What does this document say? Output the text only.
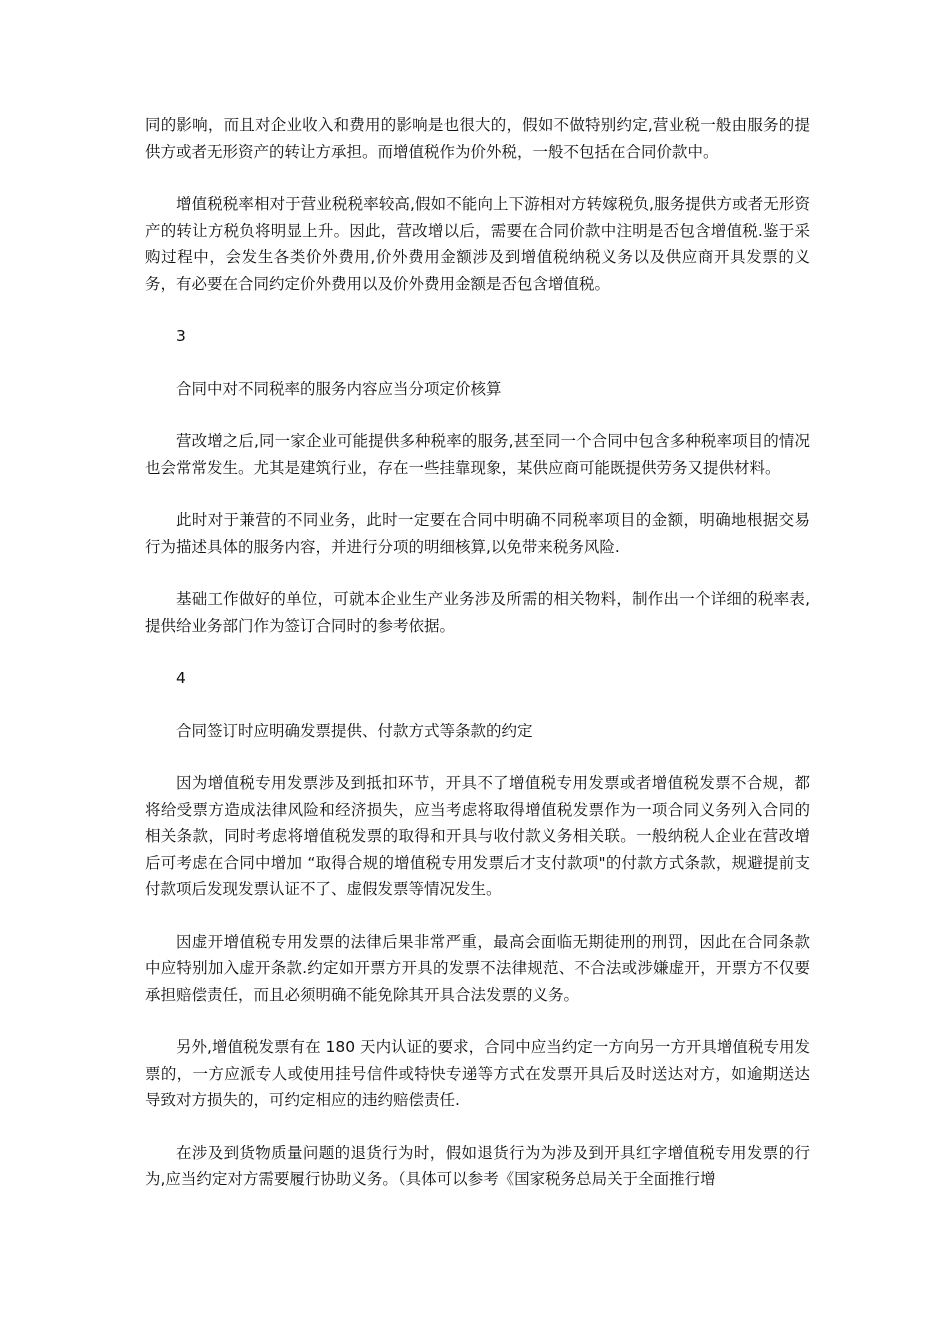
同的影响，而且对企业收入和费用的影响是也很大的，假如不做特别约定,营业税一般由服务的提供方或者无形资产的转让方承担。而增值税作为价外税，一般不包括在合同价款中。

增值税税率相对于营业税税率较高,假如不能向上下游相对方转嫁税负,服务提供方或者无形资产的转让方税负将明显上升。因此，营改增以后，需要在合同价款中注明是否包含增值税.鉴于采购过程中，会发生各类价外费用,价外费用金额涉及到增值税纳税义务以及供应商开具发票的义务，有必要在合同约定价外费用以及价外费用金额是否包含增值税。

3

合同中对不同税率的服务内容应当分项定价核算

营改增之后,同一家企业可能提供多种税率的服务,甚至同一个合同中包含多种税率项目的情况也会常常发生。尤其是建筑行业，存在一些挂靠现象，某供应商可能既提供劳务又提供材料。

此时对于兼营的不同业务，此时一定要在合同中明确不同税率项目的金额，明确地根据交易行为描述具体的服务内容，并进行分项的明细核算,以免带来税务风险.

基础工作做好的单位，可就本企业生产业务涉及所需的相关物料，制作出一个详细的税率表,提供给业务部门作为签订合同时的参考依据。

4

合同签订时应明确发票提供、付款方式等条款的约定

因为增值税专用发票涉及到抵扣环节，开具不了增值税专用发票或者增值税发票不合规，都将给受票方造成法律风险和经济损失，应当考虑将取得增值税发票作为一项合同义务列入合同的相关条款，同时考虑将增值税发票的取得和开具与收付款义务相关联。一般纳税人企业在营改增后可考虑在合同中增加 “取得合规的增值税专用发票后才支付款项"的付款方式条款，规避提前支付款项后发现发票认证不了、虚假发票等情况发生。

因虚开增值税专用发票的法律后果非常严重，最高会面临无期徒刑的刑罚，因此在合同条款中应特别加入虚开条款.约定如开票方开具的发票不法律规范、不合法或涉嫌虚开，开票方不仅要承担赔偿责任，而且必须明确不能免除其开具合法发票的义务。

另外,增值税发票有在 180 天内认证的要求，合同中应当约定一方向另一方开具增值税专用发票的，一方应派专人或使用挂号信件或特快专递等方式在发票开具后及时送达对方，如逾期送达导致对方损失的，可约定相应的违约赔偿责任.

在涉及到货物质量问题的退货行为时，假如退货行为为涉及到开具红字增值税专用发票的行为,应当约定对方需要履行协助义务。（具体可以参考《国家税务总局关于全面推行增
